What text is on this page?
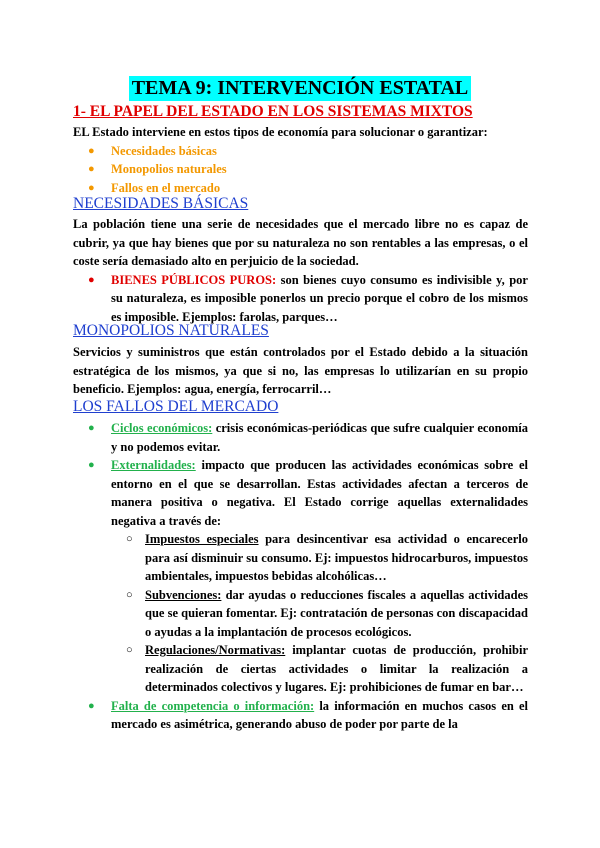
TEMA 9: INTERVENCIÓN ESTATAL
1- EL PAPEL DEL ESTADO EN LOS SISTEMAS MIXTOS

EL Estado interviene en estos tipos de economía para solucionar o garantizar:

● Necesidades básicas
● Monopolios naturales
● Fallos en el mercado
NECESIDADES BÁSICAS

La población tiene una serie de necesidades que el mercado libre no es capaz de cubrir, ya que hay bienes que por su naturaleza no son rentables a las empresas, o el coste sería demasiado alto en perjuicio de la sociedad.

● BIENES PÚBLICOS PUROS: son bienes cuyo consumo es indivisible y, por su naturaleza, es imposible ponerlos un precio porque el cobro de los mismos es imposible. Ejemplos: farolas, parques…
MONOPOLIOS NATURALES

Servicios y suministros que están controlados por el Estado debido a la situación estratégica de los mismos, ya que si no, las empresas lo utilizarían en su propio beneficio. Ejemplos: agua, energía, ferrocarril…

LOS FALLOS DEL MERCADO
● Ciclos económicos: crisis económicas-periódicas que sufre cualquier economía y no podemos evitar.
● Externalidades: impacto que producen las actividades económicas sobre el entorno en el que se desarrollan. Estas actividades afectan a terceros de manera positiva o negativa. El Estado corrige aquellas externalidades negativa a través de:
○ Impuestos especiales para desincentivar esa actividad o encarecerlo para así disminuir su consumo. Ej: impuestos hidrocarburos, impuestos ambientales, impuestos bebidas alcohólicas…
○ Subvenciones: dar ayudas o reducciones fiscales a aquellas actividades que se quieran fomentar. Ej: contratación de personas con discapacidad o ayudas a la implantación de procesos ecológicos.
○ Regulaciones/Normativas: implantar cuotas de producción, prohibir realización de ciertas actividades o limitar la realización a determinados colectivos y lugares. Ej: prohibiciones de fumar en bar…
● Falta de competencia o información: la información en muchos casos en el mercado es asimétrica, generando abuso de poder por parte de la
